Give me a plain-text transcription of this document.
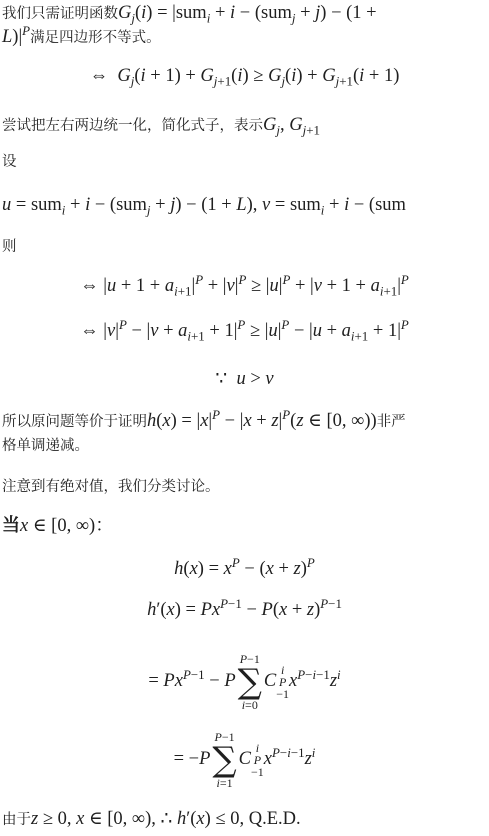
我们只需证明函数$G_j(i) = |sum_i + i - (sum_j + j) - (1$ +
$L)|^P$满足四边形不等式。
⇔  $G_j(i + 1) + G_{j+1}(i) \ge G_j(i) + G_{j+1}(i + 1)$
尝试把左右两边统一化，简化式子，表示$G_j$, $G_{j+1}$
设
u = sum$_i$ + i − (sum$_j$ + j) − (1 + L), v = sum$_i$ + i − (sum
则
⇔ $|u + 1 + a_{i+1}|^P + |v|^P \ge |u|^P + |v + 1 + a_{i+1}|^P$
⇔ $|v|^P - |v + a_{i+1} + 1|^P \ge |u|^P - |u + a_{i+1} + 1|^P$
∵  u > v
所以原问题等价于证明$h(x) = |x|^P - |x + z|^P(z$ ∈ [0, ∞))非严
格单调递减。
注意到有绝对值，我们分类讨论。
当x ∈ [0, ∞)：
$h(x) = x^P - (x + z)^P$
$h'(x) = Px^{P-1} - P(x + z)^{P-1}$
= $Px^{P-1} - P$
P−1
∑
i=0
C
i
P
−1
$x^{P-i-1}z^i$
= −P
P−1
∑
i=1
C
i
P
−1
$x^{P-i-1}z^i$
由于z ≥ 0, x ∈ [0, ∞), ∴ h′(x) ≤ 0, Q.E.D.
